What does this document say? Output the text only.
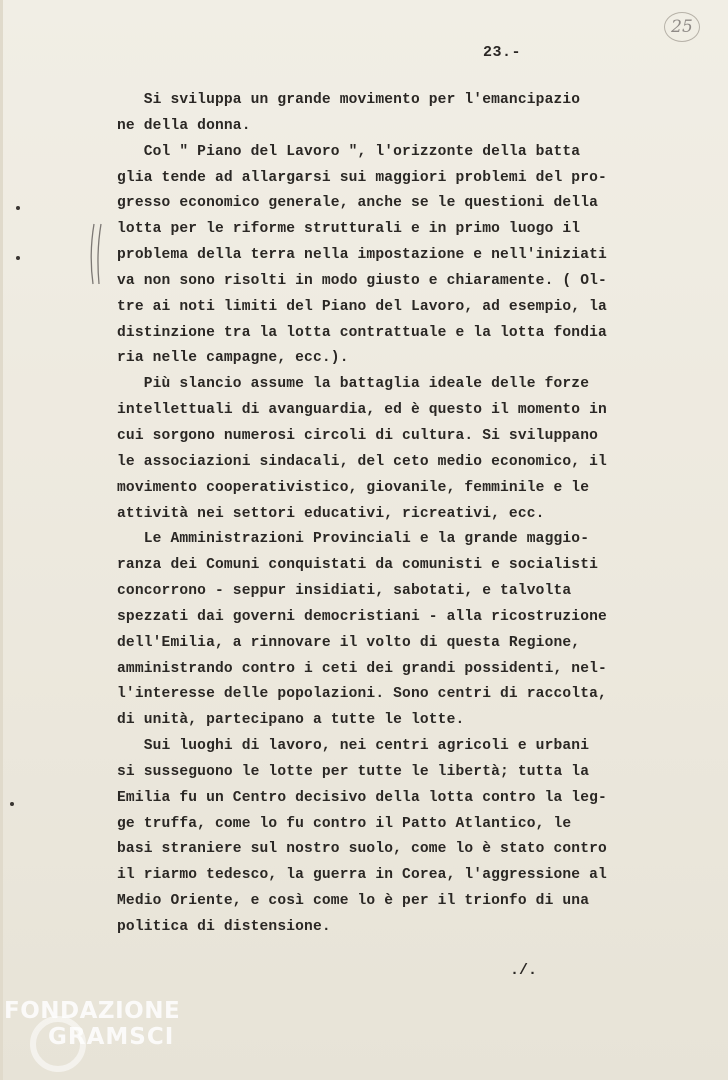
25
23.-
Si sviluppa un grande movimento per l'emancipazio
ne della donna.
Col " Piano del Lavoro ", l'orizzonte della batta
glia tende ad allargarsi sui maggiori problemi del pro-
gresso economico generale, anche se le questioni della
lotta per le riforme strutturali e in primo luogo il
problema della terra nella impostazione e nell'iniziati
va non sono risolti in modo giusto e chiaramente. ( Ol-
tre ai noti limiti del Piano del Lavoro, ad esempio, la
distinzione tra la lotta contrattuale e la lotta fondia
ria nelle campagne, ecc.).
Più slancio assume la battaglia ideale delle forze
intellettuali di avanguardia, ed è questo il momento in
cui sorgono numerosi circoli di cultura. Si sviluppano
le associazioni sindacali, del ceto medio economico, il
movimento cooperativistico, giovanile, femminile e le
attività nei settori educativi, ricreativi, ecc.
Le Amministrazioni Provinciali e la grande maggio-
ranza dei Comuni conquistati da comunisti e socialisti
concorrono - seppur insidiati, sabotati, e talvolta
spezzati dai governi democristiani - alla ricostruzione
dell'Emilia, a rinnovare il volto di questa Regione,
amministrando contro i ceti dei grandi possidenti, nel-
l'interesse delle popolazioni. Sono centri di raccolta,
di unità, partecipano a tutte le lotte.
Sui luoghi di lavoro, nei centri agricoli e urbani
si susseguono le lotte per tutte le libertà; tutta la
Emilia fu un Centro decisivo della lotta contro la leg-
ge truffa, come lo fu contro il Patto Atlantico, le
basi straniere sul nostro suolo, come lo è stato contro
il riarmo tedesco, la guerra in Corea, l'aggressione al
Medio Oriente, e così come lo è per il trionfo di una
politica di distensione.
./.
FONDAZIONE
GRAMSCI
